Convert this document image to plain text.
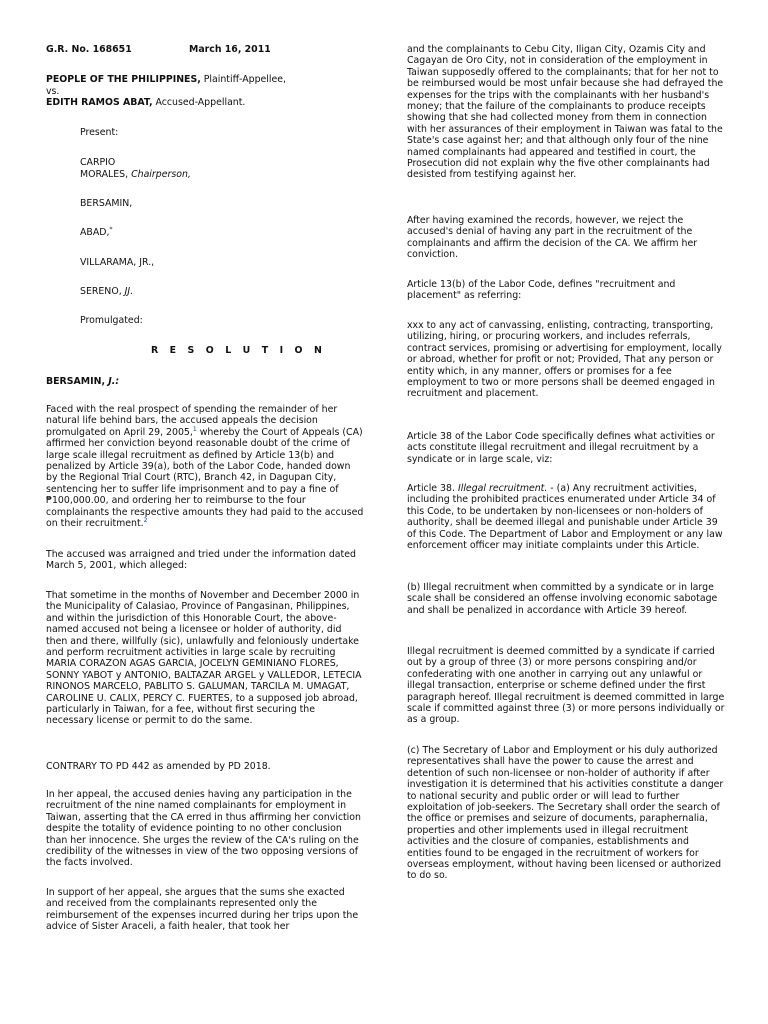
G.R. No. 168651	March 16, 2011
PEOPLE OF THE PHILIPPINES, Plaintiff-Appellee,
vs.
EDITH RAMOS ABAT, Accused-Appellant.
Present:
CARPIO
MORALES, Chairperson,
BERSAMIN,
ABAD,*
VILLARAMA, JR.,
SERENO, JJ.
Promulgated:
R E S O L U T I O N
BERSAMIN, J.:

Faced with the real prospect of spending the remainder of her natural life behind bars, the accused appeals the decision promulgated on April 29, 2005,$^1$ whereby the Court of Appeals (CA) affirmed her conviction beyond reasonable doubt of the crime of large scale illegal recruitment as defined by Article 13(b) and penalized by Article 39(a), both of the Labor Code, handed down by the Regional Trial Court (RTC), Branch 42, in Dagupan City, sentencing her to suffer life imprisonment and to pay a fine of ₱100,000.00, and ordering her to reimburse to the four complainants the respective amounts they had paid to the accused on their recruitment.$^2$

The accused was arraigned and tried under the information dated March 5, 2001, which alleged:

That sometime in the months of November and December 2000 in the Municipality of Calasiao, Province of Pangasinan, Philippines, and within the jurisdiction of this Honorable Court, the above-named accused not being a licensee or holder of authority, did then and there, willfully (sic), unlawfully and feloniously undertake and perform recruitment activities in large scale by recruiting MARIA CORAZON AGAS GARCIA, JOCELYN GEMINIANO FLORES, SONNY YABOT y ANTONIO, BALTAZAR ARGEL y VALLEDOR, LETECIA RINONOS MARCELO, PABLITO S. GALUMAN, TARCILA M. UMAGAT, CAROLINE U. CALIX, PERCY C. FUERTES, to a supposed job abroad, particularly in Taiwan, for a fee, without first securing the necessary license or permit to do the same.

CONTRARY TO PD 442 as amended by PD 2018.

In her appeal, the accused denies having any participation in the recruitment of the nine named complainants for employment in Taiwan, asserting that the CA erred in thus affirming her conviction despite the totality of evidence pointing to no other conclusion than her innocence. She urges the review of the CA's ruling on the credibility of the witnesses in view of the two opposing versions of the facts involved.

In support of her appeal, she argues that the sums she exacted and received from the complainants represented only the reimbursement of the expenses incurred during her trips upon the advice of Sister Araceli, a faith healer, that took her

and the complainants to Cebu City, Iligan City, Ozamis City and Cagayan de Oro City, not in consideration of the employment in Taiwan supposedly offered to the complainants; that for her not to be reimbursed would be most unfair because she had defrayed the expenses for the trips with the complainants with her husband's money; that the failure of the complainants to produce receipts showing that she had collected money from them in connection with her assurances of their employment in Taiwan was fatal to the State's case against her; and that although only four of the nine named complainants had appeared and testified in court, the Prosecution did not explain why the five other complainants had desisted from testifying against her.

After having examined the records, however, we reject the accused's denial of having any part in the recruitment of the complainants and affirm the decision of the CA. We affirm her conviction.

Article 13(b) of the Labor Code, defines "recruitment and placement" as referring:

xxx to any act of canvassing, enlisting, contracting, transporting, utilizing, hiring, or procuring workers, and includes referrals, contract services, promising or advertising for employment, locally or abroad, whether for profit or not; Provided, That any person or entity which, in any manner, offers or promises for a fee employment to two or more persons shall be deemed engaged in recruitment and placement.

Article 38 of the Labor Code specifically defines what activities or acts constitute illegal recruitment and illegal recruitment by a syndicate or in large scale, viz:

Article 38. Illegal recruitment. - (a) Any recruitment activities, including the prohibited practices enumerated under Article 34 of this Code, to be undertaken by non-licensees or non-holders of authority, shall be deemed illegal and punishable under Article 39 of this Code. The Department of Labor and Employment or any law enforcement officer may initiate complaints under this Article.

(b) Illegal recruitment when committed by a syndicate or in large scale shall be considered an offense involving economic sabotage and shall be penalized in accordance with Article 39 hereof.

Illegal recruitment is deemed committed by a syndicate if carried out by a group of three (3) or more persons conspiring and/or confederating with one another in carrying out any unlawful or illegal transaction, enterprise or scheme defined under the first paragraph hereof. Illegal recruitment is deemed committed in large scale if committed against three (3) or more persons individually or as a group.

(c) The Secretary of Labor and Employment or his duly authorized representatives shall have the power to cause the arrest and detention of such non-licensee or non-holder of authority if after investigation it is determined that his activities constitute a danger to national security and public order or will lead to further exploitation of job-seekers. The Secretary shall order the search of the office or premises and seizure of documents, paraphernalia, properties and other implements used in illegal recruitment activities and the closure of companies, establishments and entities found to be engaged in the recruitment of workers for overseas employment, without having been licensed or authorized to do so.
